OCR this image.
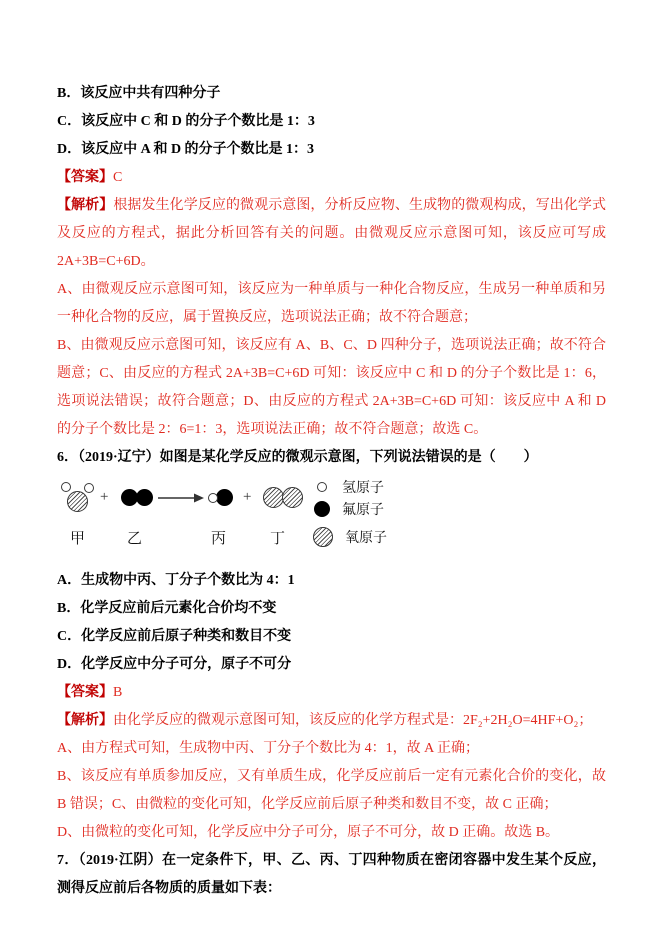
B．该反应中共有四种分子

C．该反应中 C 和 D 的分子个数比是 1：3

D．该反应中 A 和 D 的分子个数比是 1：3

【答案】C

【解析】根据发生化学反应的微观示意图，分析反应物、生成物的微观构成，写出化学式及反应的方程式，据此分析回答有关的问题。由微观反应示意图可知，该反应可写成 2A+3B=C+6D。

A、由微观反应示意图可知，该反应为一种单质与一种化合物反应，生成另一种单质和另一种化合物的反应，属于置换反应，选项说法正确；故不符合题意；

B、由微观反应示意图可知，该反应有 A、B、C、D 四种分子，选项说法正确；故不符合题意；C、由反应的方程式 2A+3B=C+6D 可知：该反应中 C 和 D 的分子个数比是 1：6，选项说法错误；故符合题意；D、由反应的方程式 2A+3B=C+6D 可知：该反应中 A 和 D 的分子个数比是 2：6=1：3，选项说法正确；故不符合题意；故选 C。

6．（2019·辽宁）如图是某化学反应的微观示意图，下列说法错误的是（　　）

+	+
甲	乙	丙	丁
氢原子
氟原子
氧原子

A．生成物中丙、丁分子个数比为 4：1

B．化学反应前后元素化合价均不变

C．化学反应前后原子种类和数目不变

D．化学反应中分子可分，原子不可分

【答案】B

【解析】由化学反应的微观示意图可知，该反应的化学方程式是：2F₂+2H₂O=4HF+O₂；

A、由方程式可知，生成物中丙、丁分子个数比为 4：1，故 A 正确；

B、该反应有单质参加反应，又有单质生成，化学反应前后一定有元素化合价的变化，故 B 错误；C、由微粒的变化可知，化学反应前后原子种类和数目不变，故 C 正确；

D、由微粒的变化可知，化学反应中分子可分，原子不可分，故 D 正确。故选 B。

7．（2019·江阴）在一定条件下，甲、乙、丙、丁四种物质在密闭容器中发生某个反应，测得反应前后各物质的质量如下表：
